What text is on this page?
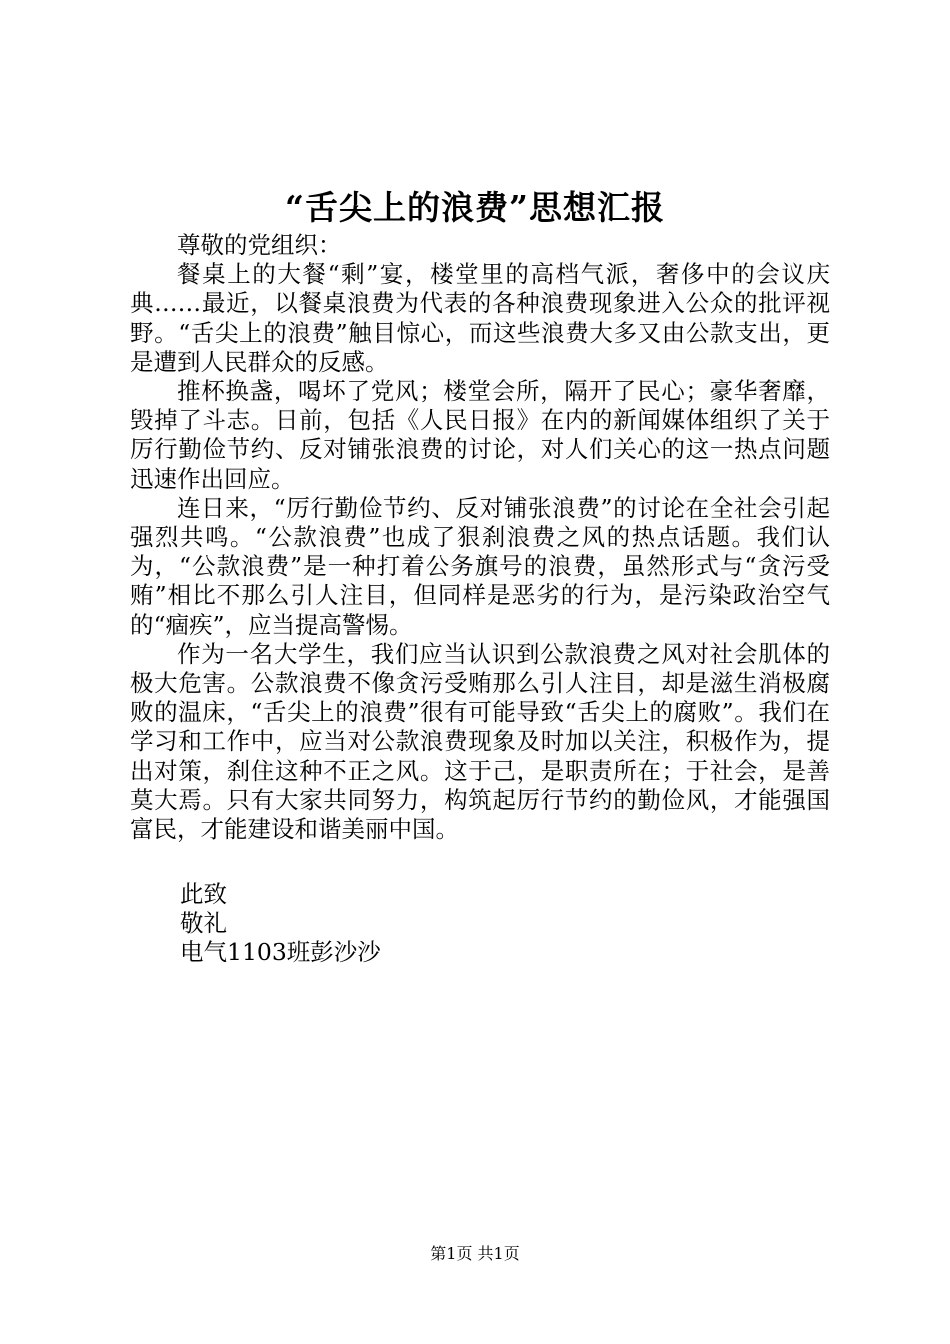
“舌尖上的浪费”思想汇报

尊敬的党组织：

餐桌上的大餐“剩”宴，楼堂里的高档气派，奢侈中的会议庆典……最近，以餐桌浪费为代表的各种浪费现象进入公众的批评视野。“舌尖上的浪费”触目惊心，而这些浪费大多又由公款支出，更是遭到人民群众的反感。

推杯换盏，喝坏了党风；楼堂会所，隔开了民心；豪华奢靡，毁掉了斗志。日前，包括《人民日报》在内的新闻媒体组织了关于厉行勤俭节约、反对铺张浪费的讨论，对人们关心的这一热点问题迅速作出回应。

连日来，“厉行勤俭节约、反对铺张浪费”的讨论在全社会引起强烈共鸣。“公款浪费”也成了狠刹浪费之风的热点话题。我们认为，“公款浪费”是一种打着公务旗号的浪费，虽然形式与“贪污受贿”相比不那么引人注目，但同样是恶劣的行为，是污染政治空气的“痼疾”，应当提高警惕。

作为一名大学生，我们应当认识到公款浪费之风对社会肌体的极大危害。公款浪费不像贪污受贿那么引人注目，却是滋生消极腐败的温床，“舌尖上的浪费”很有可能导致“舌尖上的腐败”。我们在学习和工作中，应当对公款浪费现象及时加以关注，积极作为，提出对策，刹住这种不正之风。这于己，是职责所在；于社会，是善莫大焉。只有大家共同努力，构筑起厉行节约的勤俭风，才能强国富民，才能建设和谐美丽中国。

此致
敬礼
电气1103班彭沙沙
第1页 共1页
